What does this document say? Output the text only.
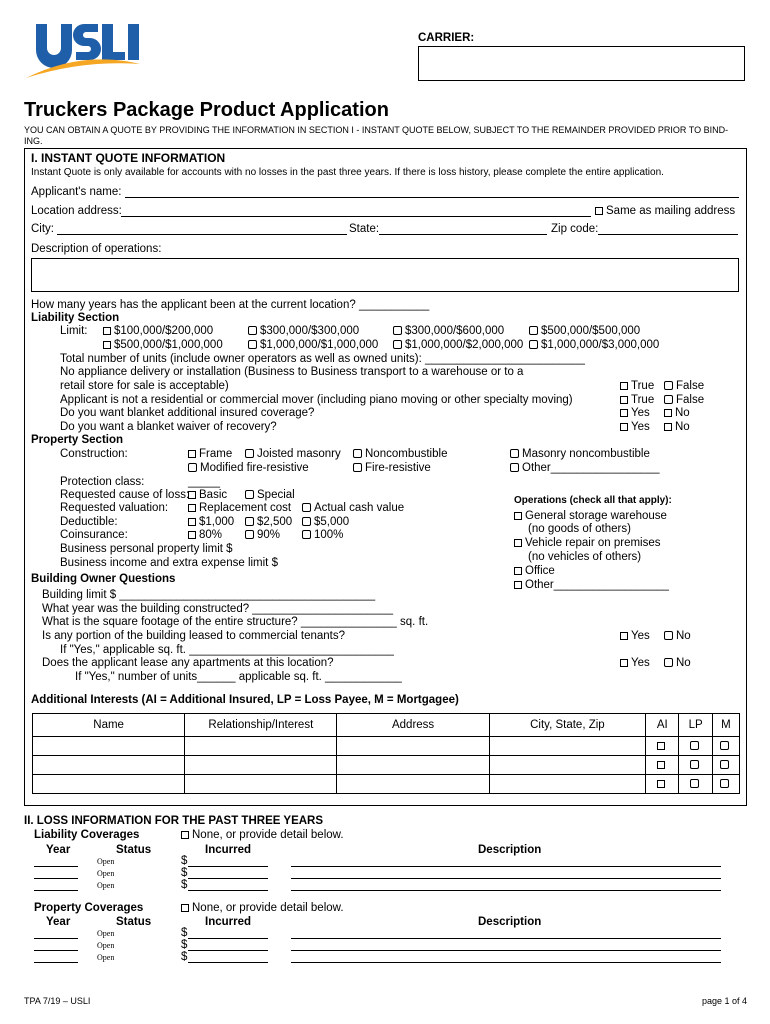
CARRIER:
Truckers Package Product Application
YOU CAN OBTAIN A QUOTE BY PROVIDING THE INFORMATION IN SECTION I - INSTANT QUOTE BELOW, SUBJECT TO THE REMAINDER PROVIDED PRIOR TO BIND-
ING.
I. INSTANT QUOTE INFORMATION
Instant Quote is only available for accounts with no losses in the past three years. If there is loss history, please complete the entire application.
Applicant's name:
Location address:	Same as mailing address
City:	State:	Zip code:
Description of operations:
How many years has the applicant been at the current location? ___________
Liability Section
Limit:	$100,000/$200,000	$300,000/$300,000	$300,000/$600,000	$500,000/$500,000
$500,000/$1,000,000	$1,000,000/$1,000,000	$1,000,000/$2,000,000	$1,000,000/$3,000,000
Total number of units (include owner operators as well as owned units): _________________________
No appliance delivery or installation (Business to Business transport to a warehouse or to a
retail store for sale is acceptable)	True	False
Applicant is not a residential or commercial mover (including piano moving or other specialty moving)	True	False
Do you want blanket additional insured coverage?	Yes	No
Do you want a blanket waiver of recovery?	Yes	No
Property Section
Construction:	Frame	Joisted masonry	Noncombustible	Masonry noncombustible
Modified fire-resistive	Fire-resistive	Other_________________
Protection class:	_____
Requested cause of loss: Basic	Special
Requested valuation:	Replacement cost	Actual cash value
Deductible:	$1,000	$2,500	$5,000
Coinsurance:	80%	90%	100%
Business personal property limit $
Business income and extra expense limit $
Operations (check all that apply):
General storage warehouse
(no goods of others)
Vehicle repair on premises
(no vehicles of others)
Office
Other__________________
Building Owner Questions
Building limit $ ________________________________________
What year was the building constructed? ______________________
What is the square footage of the entire structure? _______________ sq. ft.
Is any portion of the building leased to commercial tenants?	Yes	No
If "Yes," applicable sq. ft. ________________________________
Does the applicant lease any apartments at this location?	Yes	No
If "Yes," number of units______ applicable sq. ft. ____________
Additional Interests (AI = Additional Insured, LP = Loss Payee, M = Mortgagee)
Name	Relationship/Interest	Address	City, State, Zip	AI	LP	M

II. LOSS INFORMATION FOR THE PAST THREE YEARS
Liability Coverages	None, or provide detail below.
Year	Status	Incurred	Description
Open	$
Open	$
Open	$
Property Coverages	None, or provide detail below.
Year	Status	Incurred	Description
Open	$
Open	$
Open	$
TPA 7/19 – USLI	page 1 of 4
